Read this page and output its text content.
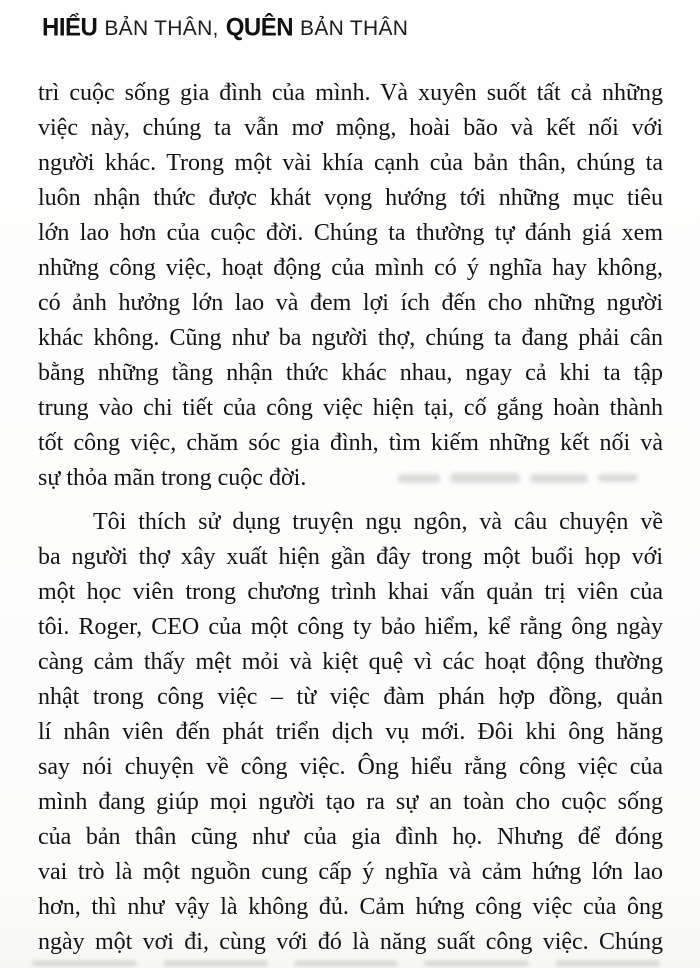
HIỂU BẢN THÂN, QUÊN BẢN THÂN
trì cuộc sống gia đình của mình. Và xuyên suốt tất cả những
việc này, chúng ta vẫn mơ mộng, hoài bão và kết nối với
người khác. Trong một vài khía cạnh của bản thân, chúng ta
luôn nhận thức được khát vọng hướng tới những mục tiêu
lớn lao hơn của cuộc đời. Chúng ta thường tự đánh giá xem
những công việc, hoạt động của mình có ý nghĩa hay không,
có ảnh hưởng lớn lao và đem lợi ích đến cho những người
khác không. Cũng như ba người thợ, chúng ta đang phải cân
bằng những tầng nhận thức khác nhau, ngay cả khi ta tập
trung vào chi tiết của công việc hiện tại, cố gắng hoàn thành
tốt công việc, chăm sóc gia đình, tìm kiếm những kết nối và
sự thỏa mãn trong cuộc đời.
Tôi thích sử dụng truyện ngụ ngôn, và câu chuyện về
ba người thợ xây xuất hiện gần đây trong một buổi họp với
một học viên trong chương trình khai vấn quản trị viên của
tôi. Roger, CEO của một công ty bảo hiểm, kể rằng ông ngày
càng cảm thấy mệt mỏi và kiệt quệ vì các hoạt động thường
nhật trong công việc – từ việc đàm phán hợp đồng, quản
lí nhân viên đến phát triển dịch vụ mới. Đôi khi ông hăng
say nói chuyện về công việc. Ông hiểu rằng công việc của
mình đang giúp mọi người tạo ra sự an toàn cho cuộc sống
của bản thân cũng như của gia đình họ. Nhưng để đóng
vai trò là một nguồn cung cấp ý nghĩa và cảm hứng lớn lao
hơn, thì như vậy là không đủ. Cảm hứng công việc của ông
ngày một vơi đi, cùng với đó là năng suất công việc. Chúng
